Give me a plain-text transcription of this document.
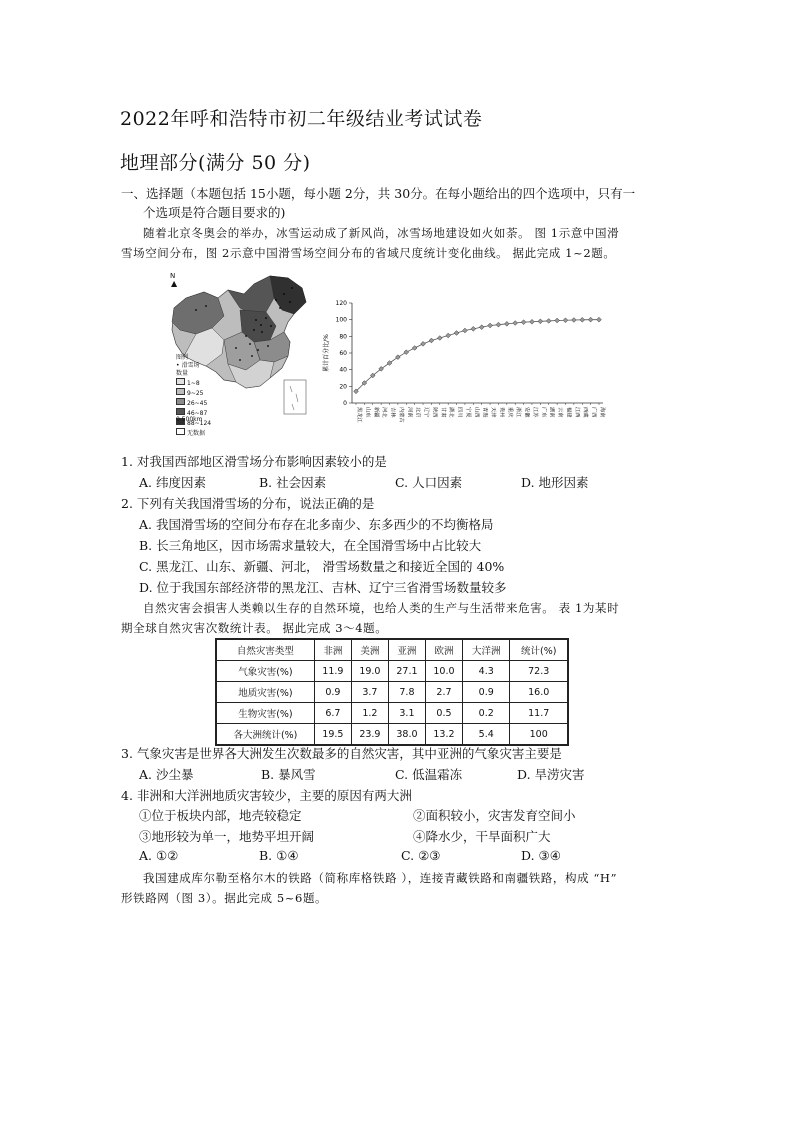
2022年呼和浩特市初二年级结业考试试卷
地理部分(满分 50 分)
一、选择题（本题包括 15小题，每小题 2分，共 30分。在每小题给出的四个选项中，只有一
个选项是符合题目要求的)
随着北京冬奥会的举办，冰雪运动成了新风尚，冰雪场地建设如火如荼。 图 1示意中国滑
雪场空间分布，图 2示意中国滑雪场空间分布的省域尺度统计变化曲线。 据此完成 1~2题。
N
▲
图例
• 滑雪场
数量
1~8
9~25
26~45
46~87
88~124
无数据
0 500km
累计百分比/%
0
20
40
60
80
100
120
黑龙江 山东 新疆 河北 吉林 内蒙古 河南 北京 辽宁 陕西 甘肃 湖北 四川 宁夏 山西 青海 天津 贵州 重庆 浙江 安徽 江苏 广东 湖南 云南 福建 江西 西藏 广西 海南
1. 对我国西部地区滑雪场分布影响因素较小的是
A. 纬度因素	B. 社会因素	C. 人口因素	D. 地形因素
2. 下列有关我国滑雪场的分布，说法正确的是
A. 我国滑雪场的空间分布存在北多南少、东多西少的不均衡格局
B. 长三角地区，因市场需求量较大，在全国滑雪场中占比较大
C. 黑龙江、山东、新疆、河北， 滑雪场数量之和接近全国的 40%
D. 位于我国东部经济带的黑龙江、吉林、辽宁三省滑雪场数量较多
自然灾害会損害人类赖以生存的自然环境，也给人类的生产与生活带来危害。 表 1为某时
期全球自然灾害次数统计表。 据此完成 3～4题。
自然灾害类型	非洲	美洲	亚洲	欧洲	大洋洲	统计(%)
气象灾害(%)	11.9	19.0	27.1	10.0	4.3	72.3
地质灾害(%)	0.9	3.7	7.8	2.7	0.9	16.0
生物灾害(%)	6.7	1.2	3.1	0.5	0.2	11.7
各大洲统计(%)	19.5	23.9	38.0	13.2	5.4	100
3. 气象灾害是世界各大洲发生次数最多的自然灾害，其中亚洲的气象灾害主要是
A. 沙尘暴	B. 暴风雪	C. 低温霜冻	D. 旱涝灾害
4. 非洲和大洋洲地质灾害较少，主要的原因有两大洲
①位于板块内部，地壳较稳定	②面积较小，灾害发育空间小
③地形较为单一，地势平坦开阔	④降水少，干旱面积广大
A. ①②	B. ①④	C. ②③	D. ③④
我国建成库尔勒至格尔木的铁路（简称库格铁路 ），连接青藏铁路和南疆铁路，构成 “H”
形铁路网（图 3）。据此完成 5~6题。
